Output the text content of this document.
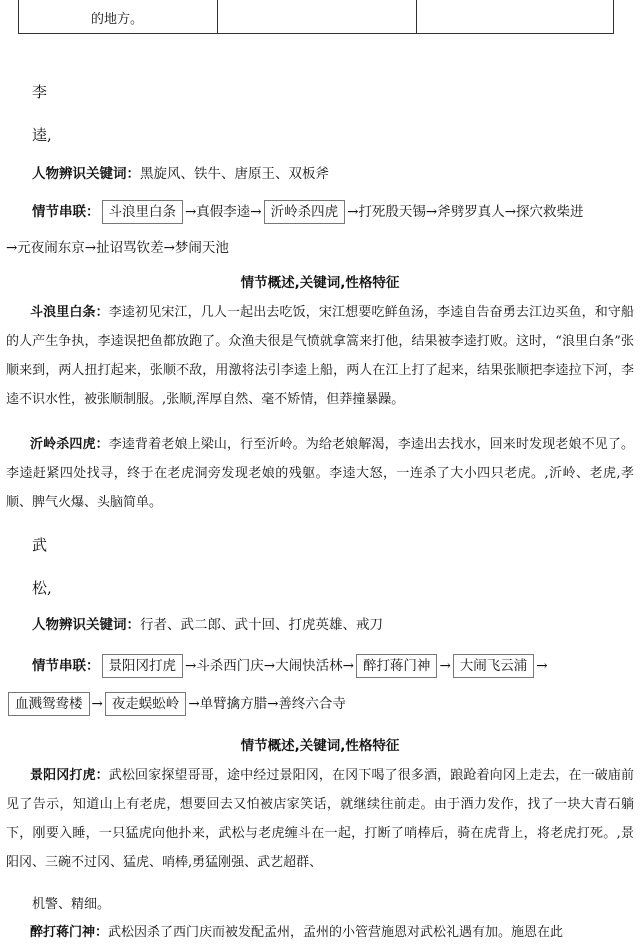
的地方。
李
逵,
人物辨识关键词：黑旋风、铁牛、唐原王、双板斧
情节串联： 斗浪里白条 →真假李逵→ 沂岭杀四虎 →打死殷天锡→斧劈罗真人→探穴救柴进
→元夜闹东京→扯诏骂钦差→梦闹天池
情节概述,关键词,性格特征
斗浪里白条：李逵初见宋江，几人一起出去吃饭，宋江想要吃鲜鱼汤，李逵自告奋勇去江边买鱼，和守船的人产生争执，李逵误把鱼都放跑了。众渔夫很是气愤就拿篙来打他，结果被李逵打败。这时，“浪里白条”张顺来到，两人扭打起来，张顺不敌，用激将法引李逵上船，两人在江上打了起来，结果张顺把李逵拉下河，李逵不识水性，被张顺制服。,张顺,浑厚自然、毫不矫情，但莽撞暴躁。
沂岭杀四虎：李逵背着老娘上梁山，行至沂岭。为给老娘解渴，李逵出去找水，回来时发现老娘不见了。李逵赶紧四处找寻，终于在老虎洞旁发现老娘的残躯。李逵大怒，一连杀了大小四只老虎。,沂岭、老虎,孝顺、脾气火爆、头脑简单。
武
松,
人物辨识关键词：行者、武二郎、武十回、打虎英雄、戒刀
情节串联： 景阳冈打虎 →斗杀西门庆→大闹快活林→ 醉打蒋门神 → 大闹飞云浦 →
血溅鸳鸯楼 → 夜走蜈蚣岭 →单臂擒方腊→善终六合寺
情节概述,关键词,性格特征
景阳冈打虎：武松回家探望哥哥，途中经过景阳冈，在冈下喝了很多酒，踉跄着向冈上走去，在一破庙前见了告示，知道山上有老虎，想要回去又怕被店家笑话，就继续往前走。由于酒力发作，找了一块大青石躺下，刚要入睡，一只猛虎向他扑来，武松与老虎缠斗在一起，打断了哨棒后，骑在虎背上，将老虎打死。,景阳冈、三碗不过冈、猛虎、哨棒,勇猛刚强、武艺超群、
机警、精细。
醉打蒋门神：武松因杀了西门庆而被发配孟州，孟州的小管营施恩对武松礼遇有加。施恩在此
